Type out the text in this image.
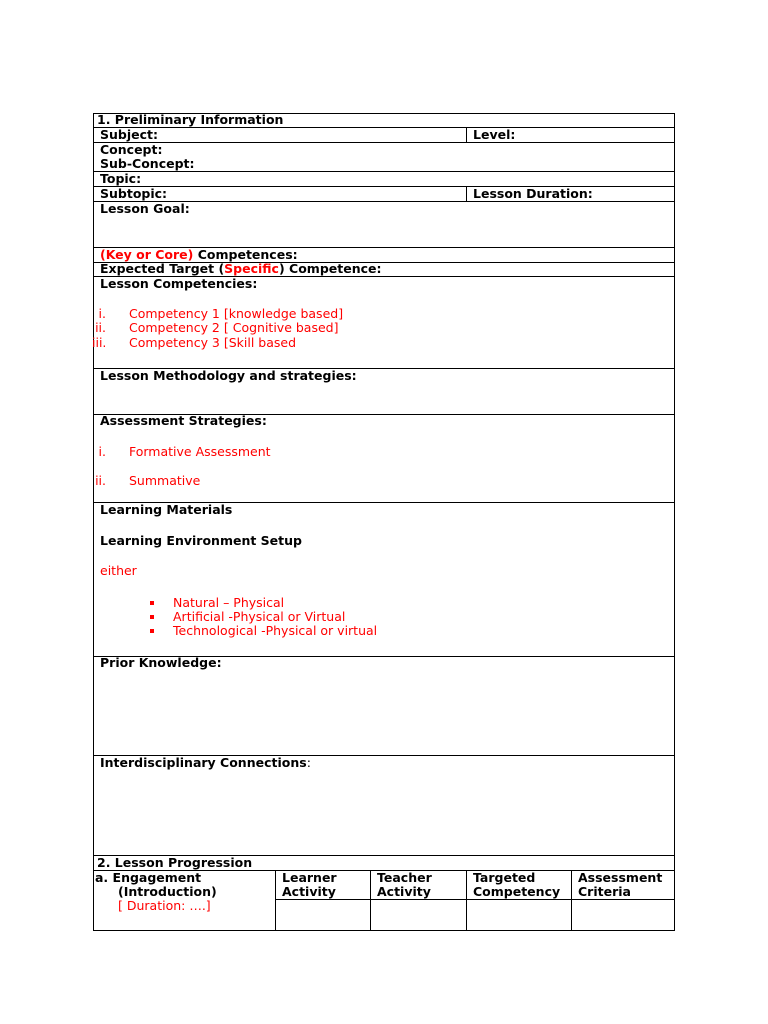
1. Preliminary Information
Subject:	Level:
Concept:
Sub-Concept:
Topic:
Subtopic:	Lesson Duration:
Lesson Goal:
(Key or Core) Competences:
Expected Target (Specific) Competence:
Lesson Competencies:
i. Competency 1 [knowledge based]
ii. Competency 2 [ Cognitive based]
iii. Competency 3 [Skill based
Lesson Methodology and strategies:
Assessment Strategies:
i. Formative Assessment
ii. Summative
Learning Materials
Learning Environment Setup
either
Natural – Physical
Artificial -Physical or Virtual
Technological -Physical or virtual
Prior Knowledge:
Interdisciplinary Connections:
2. Lesson Progression
a. Engagement
(Introduction)
[ Duration: ….]
Learner
Activity
Teacher
Activity
Targeted
Competency
Assessment
Criteria
